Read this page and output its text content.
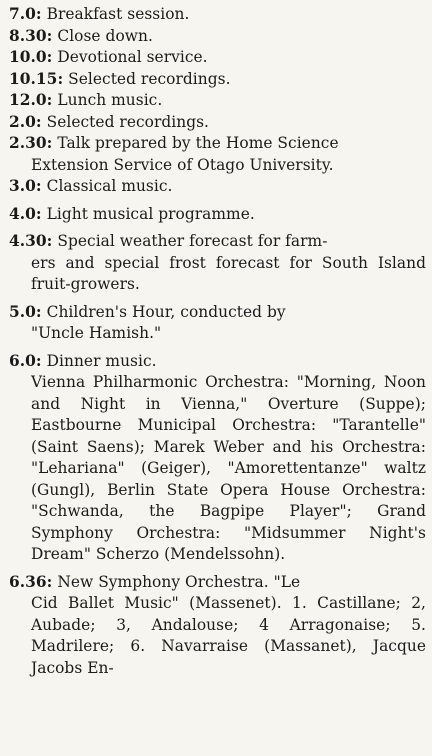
7.0: Breakfast session.

8.30: Close down.

10.0: Devotional service.

10.15: Selected recordings.

12.0: Lunch music.

2.0: Selected recordings.

2.30: Talk prepared by the Home Science
Extension Service of Otago University.

3.0: Classical music.

4.0: Light musical programme.

4.30: Special weather forecast for farm-
ers and special frost forecast for South Island fruit-growers.

5.0: Children's Hour, conducted by
"Uncle Hamish."

6.0: Dinner music.
Vienna Philharmonic Orchestra: "Morning, Noon and Night in Vienna," Overture (Suppe); Eastbourne Municipal Orchestra: "Tarantelle" (Saint Saens); Marek Weber and his Orchestra: "Lehariana" (Geiger), "Amorettentanze" waltz (Gungl), Berlin State Opera House Orchestra: "Schwanda, the Bagpipe Player"; Grand Symphony Orchestra: "Midsummer Night's Dream" Scherzo (Mendelssohn).

6.36: New Symphony Orchestra. "Le
Cid Ballet Music" (Massenet). 1. Castillane; 2, Aubade; 3, Andalouse; 4 Arragonaise; 5. Madrilere; 6. Navarraise (Massanet), Jacque Jacobs En-
